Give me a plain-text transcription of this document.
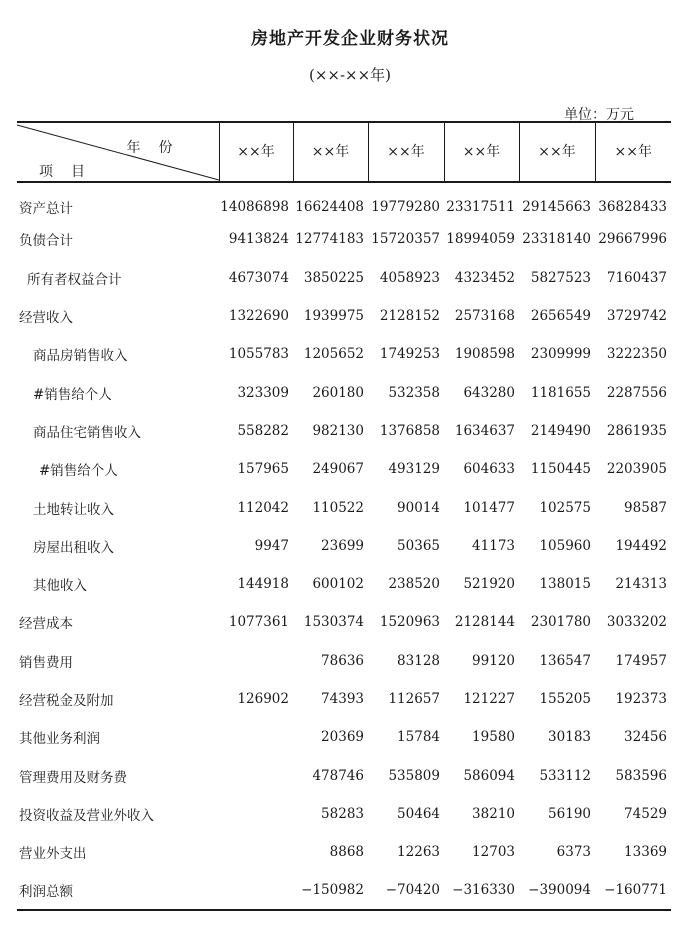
房地产开发企业财务状况
(××-××年)
单位：万元
年份
项目	××年	××年	××年	××年	××年	××年
资产总计	14086898	16624408	19779280	23317511	29145663	36828433
负债合计	9413824	12774183	15720357	18994059	23318140	29667996
所有者权益合计	4673074	3850225	4058923	4323452	5827523	7160437
经营收入	1322690	1939975	2128152	2573168	2656549	3729742
商品房销售收入	1055783	1205652	1749253	1908598	2309999	3222350
#销售给个人	323309	260180	532358	643280	1181655	2287556
商品住宅销售收入	558282	982130	1376858	1634637	2149490	2861935
#销售给个人	157965	249067	493129	604633	1150445	2203905
土地转让收入	112042	110522	90014	101477	102575	98587
房屋出租收入	9947	23699	50365	41173	105960	194492
其他收入	144918	600102	238520	521920	138015	214313
经营成本	1077361	1530374	1520963	2128144	2301780	3033202
销售费用		78636	83128	99120	136547	174957
经营税金及附加	126902	74393	112657	121227	155205	192373
其他业务利润		20369	15784	19580	30183	32456
管理费用及财务费		478746	535809	586094	533112	583596
投资收益及营业外收入		58283	50464	38210	56190	74529
营业外支出		8868	12263	12703	6373	13369
利润总额		−150982	−70420	−316330	−390094	−160771
